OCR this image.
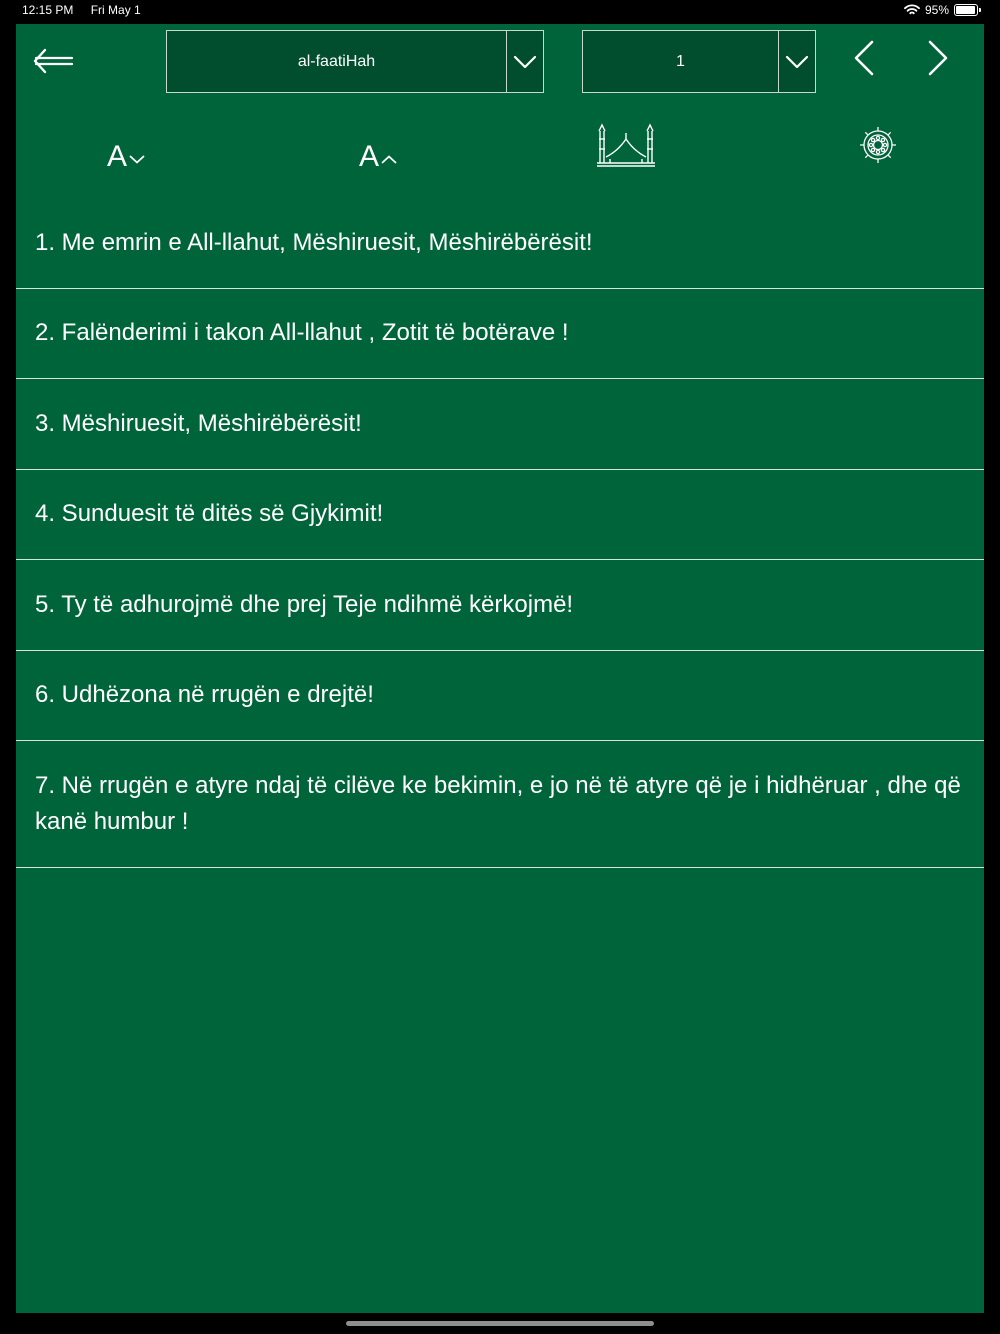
12:15 PM Fri May 1	95%
al-faatiHah	1
A	A
1. Me emrin e All-llahut, Mëshiruesit, Mëshirëbërësit!
2. Falënderimi i takon All-llahut , Zotit të botërave !
3. Mëshiruesit, Mëshirëbërësit!
4. Sunduesit të ditës së Gjykimit!
5. Ty të adhurojmë dhe prej Teje ndihmë kërkojmë!
6. Udhëzona në rrugën e drejtë!
7. Në rrugën e atyre ndaj të cilëve ke bekimin, e jo në të atyre që je i hidhëruar , dhe që kanë humbur !
